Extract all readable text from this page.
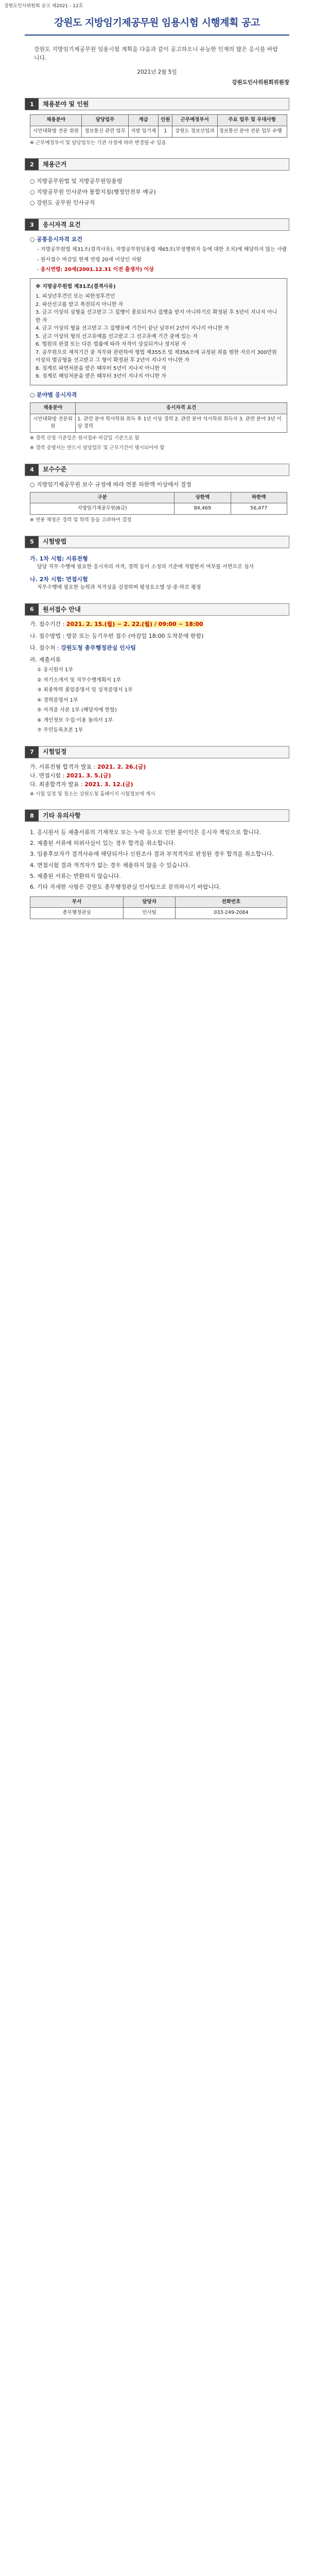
강원도인사위원회 공고 제2021 - 12호
강원도 지방임기제공무원 임용시험 시행계획 공고
강원도 지방임기제공무원 임용시험 계획을 다음과 같이 공고하오니 유능한 인재의 많은 응시를 바랍니다.
2021년 2월 5일
강원도인사위원회위원장
1	채용분야 및 인원
채용분야	담당업무	계급	인원	근무예정부서	주요 업무 및 우대사항
시민대화방 전문 위원	정보통신 관련 업무	지방 임기제	1	강원도 정보산업과	정보통신 분야 전문 업무 수행
※ 근무예정부서 및 담당업무는 기관 사정에 따라 변경될 수 있음
2	채용근거
○ 지방공무원법 및 지방공무원임용령
○ 지방공무원 인사분야 통합지침(행정안전부 예규)
○ 강원도 공무원 인사규칙
3	응시자격 요건
○ 공통응시자격 요건
- 지방공무원법 제31조(결격사유), 지방공무원임용령 제65조(부정행위자 등에 대한 조치)에 해당하지 않는 사람
- 원서접수 마감일 현재 연령 20세 이상인 사람
- 응시연령: 20세(2001.12.31 이전 출생자) 이상
※ 지방공무원법 제31조(결격사유)
1. 피성년후견인 또는 피한정후견인
2. 파산선고를 받고 복권되지 아니한 자
3. 금고 이상의 실형을 선고받고 그 집행이 종료되거나 집행을 받지 아니하기로 확정된 후 5년이 지나지 아니한 자
4. 금고 이상의 형을 선고받고 그 집행유예 기간이 끝난 날부터 2년이 지나지 아니한 자
5. 금고 이상의 형의 선고유예를 선고받고 그 선고유예 기간 중에 있는 자
6. 법원의 판결 또는 다른 법률에 따라 자격이 상실되거나 정지된 자
7. 공무원으로 재직기간 중 직무와 관련하여 형법 제355조 및 제356조에 규정된 죄를 범한 자로서 300만원 이상의 벌금형을 선고받고 그 형이 확정된 후 2년이 지나지 아니한 자
8. 징계로 파면처분을 받은 때부터 5년이 지나지 아니한 자
9. 징계로 해임처분을 받은 때부터 3년이 지나지 아니한 자
○ 분야별 응시자격
채용분야	응시자격 요건
시민대화방 전문위원	1. 관련 분야 학사학위 취득 후 1년 이상 경력 2. 관련 분야 석사학위 취득자 3. 관련 분야 3년 이상 경력
※ 경력 산정 기준일은 원서접수 마감일 기준으로 함
※ 경력 증명서는 반드시 담당업무 및 근무기간이 명시되어야 함
4	보수수준
○ 지방임기제공무원 보수 규정에 따라 연봉 하한액 이상에서 결정
구분	상한액	하한액
지방임기제공무원(6급)	84,469	56,477
※ 연봉 책정은 경력 및 학력 등을 고려하여 결정
5	시험방법
가. 1차 시험: 서류전형
담당 직무 수행에 필요한 응시자의 자격, 경력 등이 소정의 기준에 적합한지 여부를 서면으로 심사
나. 2차 시험: 면접시험
직무수행에 필요한 능력과 적격성을 검정하며 평정요소별 상·중·하로 평정
6	원서접수 안내
가. 접수기간 : 2021. 2. 15.(월) ~ 2. 22.(월) / 09:00 ~ 18:00
나. 접수방법 : 방문 또는 등기우편 접수 (마감일 18:00 도착분에 한함)
다. 접수처 : 강원도청 총무행정관실 인사팀
라. 제출서류
① 응시원서 1부
② 자기소개서 및 직무수행계획서 1부
③ 최종학력 졸업증명서 및 성적증명서 1부
④ 경력증명서 1부
⑤ 자격증 사본 1부 (해당자에 한함)
⑥ 개인정보 수집·이용 동의서 1부
⑦ 주민등록초본 1부
7	시험일정
가. 서류전형 합격자 발표 : 2021. 2. 26.(금)
나. 면접시험 : 2021. 3. 5.(금)
다. 최종합격자 발표 : 2021. 3. 12.(금)
※ 시험 일정 및 장소는 강원도청 홈페이지 시험정보에 게시
8	기타 유의사항
1. 응시원서 등 제출서류의 기재착오 또는 누락 등으로 인한 불이익은 응시자 책임으로 합니다.
2. 제출된 서류에 허위사실이 있는 경우 합격을 취소합니다.
3. 임용후보자가 결격사유에 해당되거나 신원조사 결과 부적격자로 판정된 경우 합격을 취소합니다.
4. 면접시험 결과 적격자가 없는 경우 채용하지 않을 수 있습니다.
5. 제출된 서류는 반환하지 않습니다.
6. 기타 자세한 사항은 강원도 총무행정관실 인사팀으로 문의하시기 바랍니다.
부서	담당자	전화번호
총무행정관실	인사팀	033-249-2084
